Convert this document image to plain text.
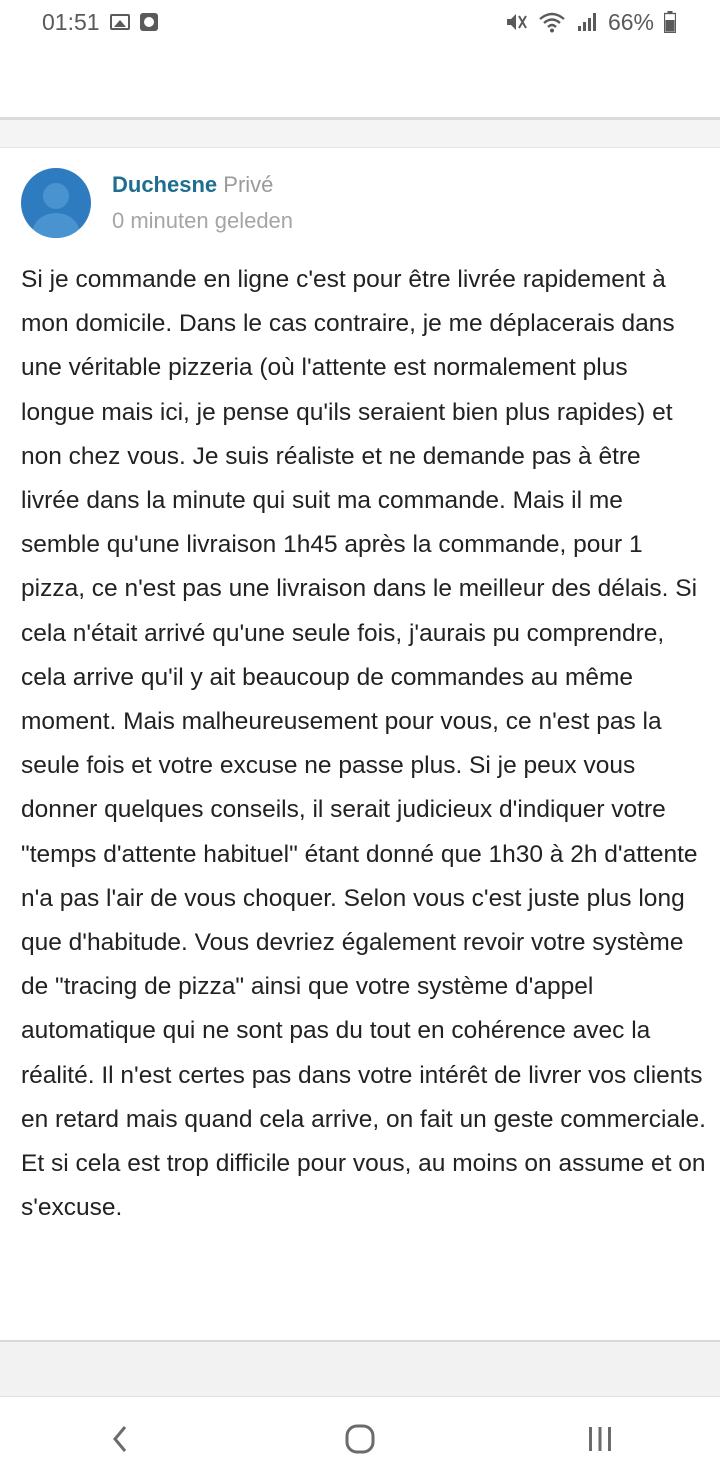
01:51	66%
Duchesne Privé
0 minuten geleden
Si je commande en ligne c'est pour être livrée rapidement à mon domicile. Dans le cas contraire, je me déplacerais dans une véritable pizzeria (où l'attente est normalement plus longue mais ici, je pense qu'ils seraient bien plus rapides) et non chez vous. Je suis réaliste et ne demande pas à être livrée dans la minute qui suit ma commande. Mais il me semble qu'une livraison 1h45 après la commande, pour 1 pizza, ce n'est pas une livraison dans le meilleur des délais. Si cela n'était arrivé qu'une seule fois, j'aurais pu comprendre, cela arrive qu'il y ait beaucoup de commandes au même moment. Mais malheureusement pour vous, ce n'est pas la seule fois et votre excuse ne passe plus. Si je peux vous donner quelques conseils, il serait judicieux d'indiquer votre "temps d'attente habituel" étant donné que 1h30 à 2h d'attente n'a pas l'air de vous choquer. Selon vous c'est juste plus long que d'habitude. Vous devriez également revoir votre système de "tracing de pizza" ainsi que votre système d'appel automatique qui ne sont pas du tout en cohérence avec la réalité. Il n'est certes pas dans votre intérêt de livrer vos clients en retard mais quand cela arrive, on fait un geste commerciale. Et si cela est trop difficile pour vous, au moins on assume et on s'excuse.
